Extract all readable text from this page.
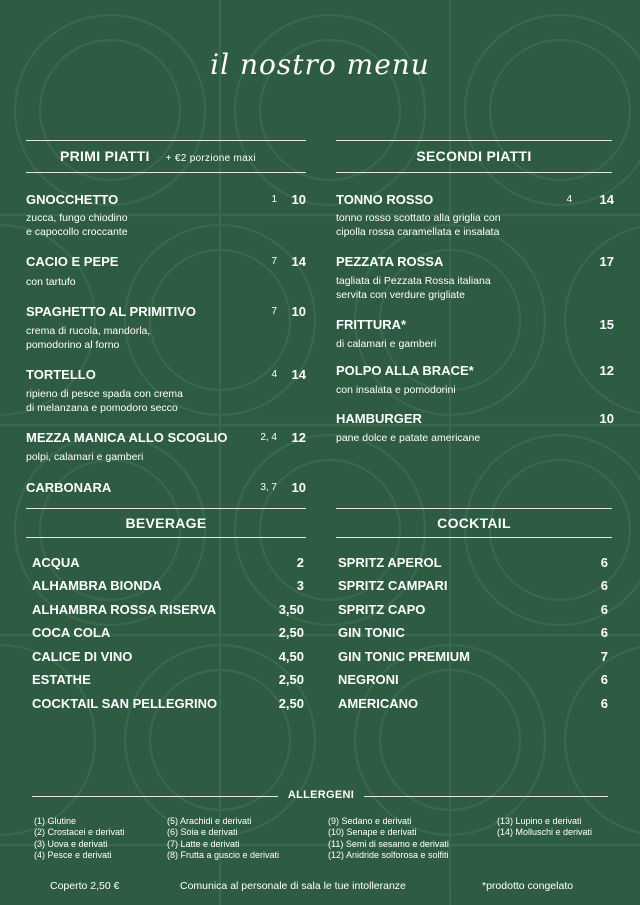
il nostro menu
PRIMI PIATTI + €2 porzione maxi
GNOCCHETTO	1	10
zucca, fungo chiodino
e capocollo croccante
CACIO E PEPE	7	14
con tartufo
SPAGHETTO AL PRIMITIVO	7	10
crema di rucola, mandorla,
pomodorino al forno
TORTELLO	4	14
ripieno di pesce spada con crema
di melanzana e pomodoro secco
MEZZA MANICA ALLO SCOGLIO	2, 4	12
polpi, calamari e gamberi
CARBONARA	3, 7	10
SECONDI PIATTI
TONNO ROSSO	4	14
tonno rosso scottato alla griglia con
cipolla rossa caramellata e insalata
PEZZATA ROSSA	17
tagliata di Pezzata Rossa italiana
servita con verdure grigliate
FRITTURA*	15
di calamari e gamberi
POLPO ALLA BRACE*	12
con insalata e pomodorini
HAMBURGER	10
pane dolce e patate americane
BEVERAGE
ACQUA	2
ALHAMBRA BIONDA	3
ALHAMBRA ROSSA RISERVA	3,50
COCA COLA	2,50
CALICE DI VINO	4,50
ESTATHE	2,50
COCKTAIL SAN PELLEGRINO	2,50
COCKTAIL
SPRITZ APEROL	6
SPRITZ CAMPARI	6
SPRITZ CAPO	6
GIN TONIC	6
GIN TONIC PREMIUM	7
NEGRONI	6
AMERICANO	6
ALLERGENI
(1) Glutine
(2) Crostacei e derivati
(3) Uova e derivati
(4) Pesce e derivati
(5) Arachidi e derivati
(6) Soia e derivati
(7) Latte e derivati
(8) Frutta a guscio e derivati
(9) Sedano e derivati
(10) Senape e derivati
(11) Semi di sesamo e derivati
(12) Anidride solforosa e solfiti
(13) Lupino e derivati
(14) Molluschi e derivati
Coperto 2,50 €	Comunica al personale di sala le tue intolleranze	*prodotto congelato
